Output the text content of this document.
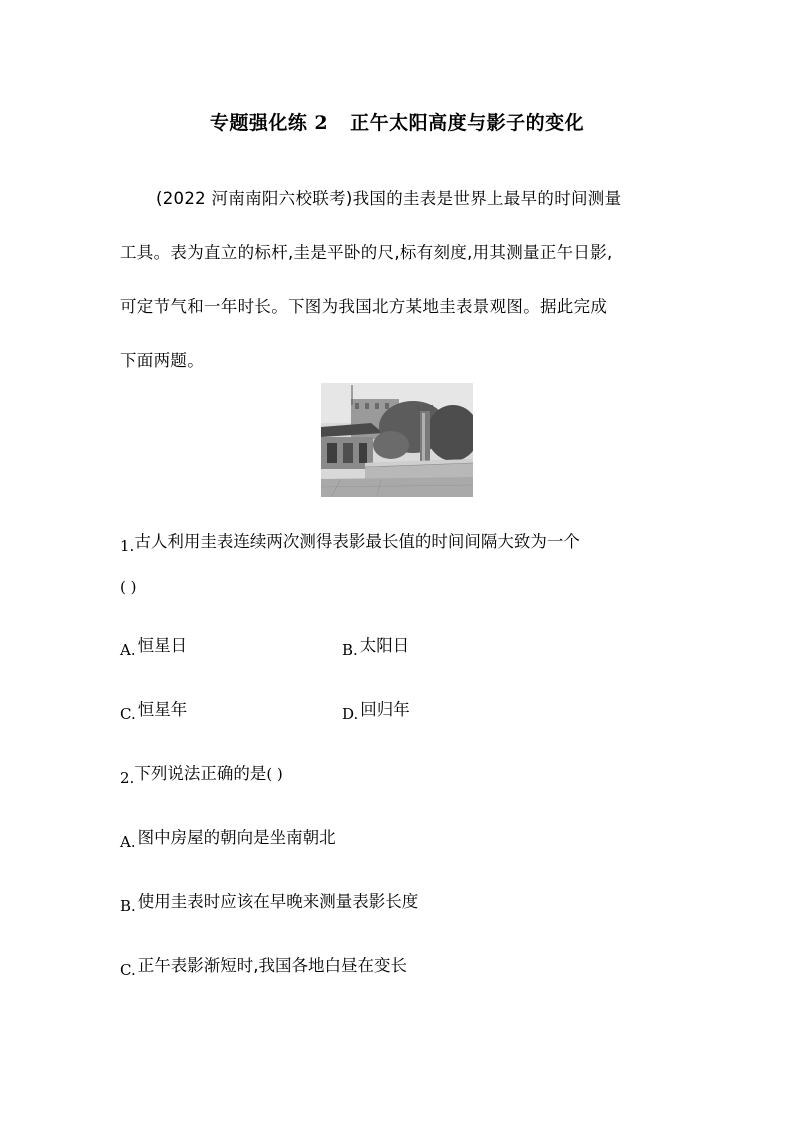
专题强化练 2 正午太阳高度与影子的变化
(2022 河南南阳六校联考)我国的圭表是世界上最早的时间测量
工具。表为直立的标杆,圭是平卧的尺,标有刻度,用其测量正午日影,
可定节气和一年时长。下图为我国北方某地圭表景观图。据此完成
下面两题。
1.古人利用圭表连续两次测得表影最长值的时间间隔大致为一个
( )
A. 恒星日	B. 太阳日
C. 恒星年	D. 回归年
2.下列说法正确的是( )
A. 图中房屋的朝向是坐南朝北
B. 使用圭表时应该在早晚来测量表影长度
C. 正午表影渐短时,我国各地白昼在变长
